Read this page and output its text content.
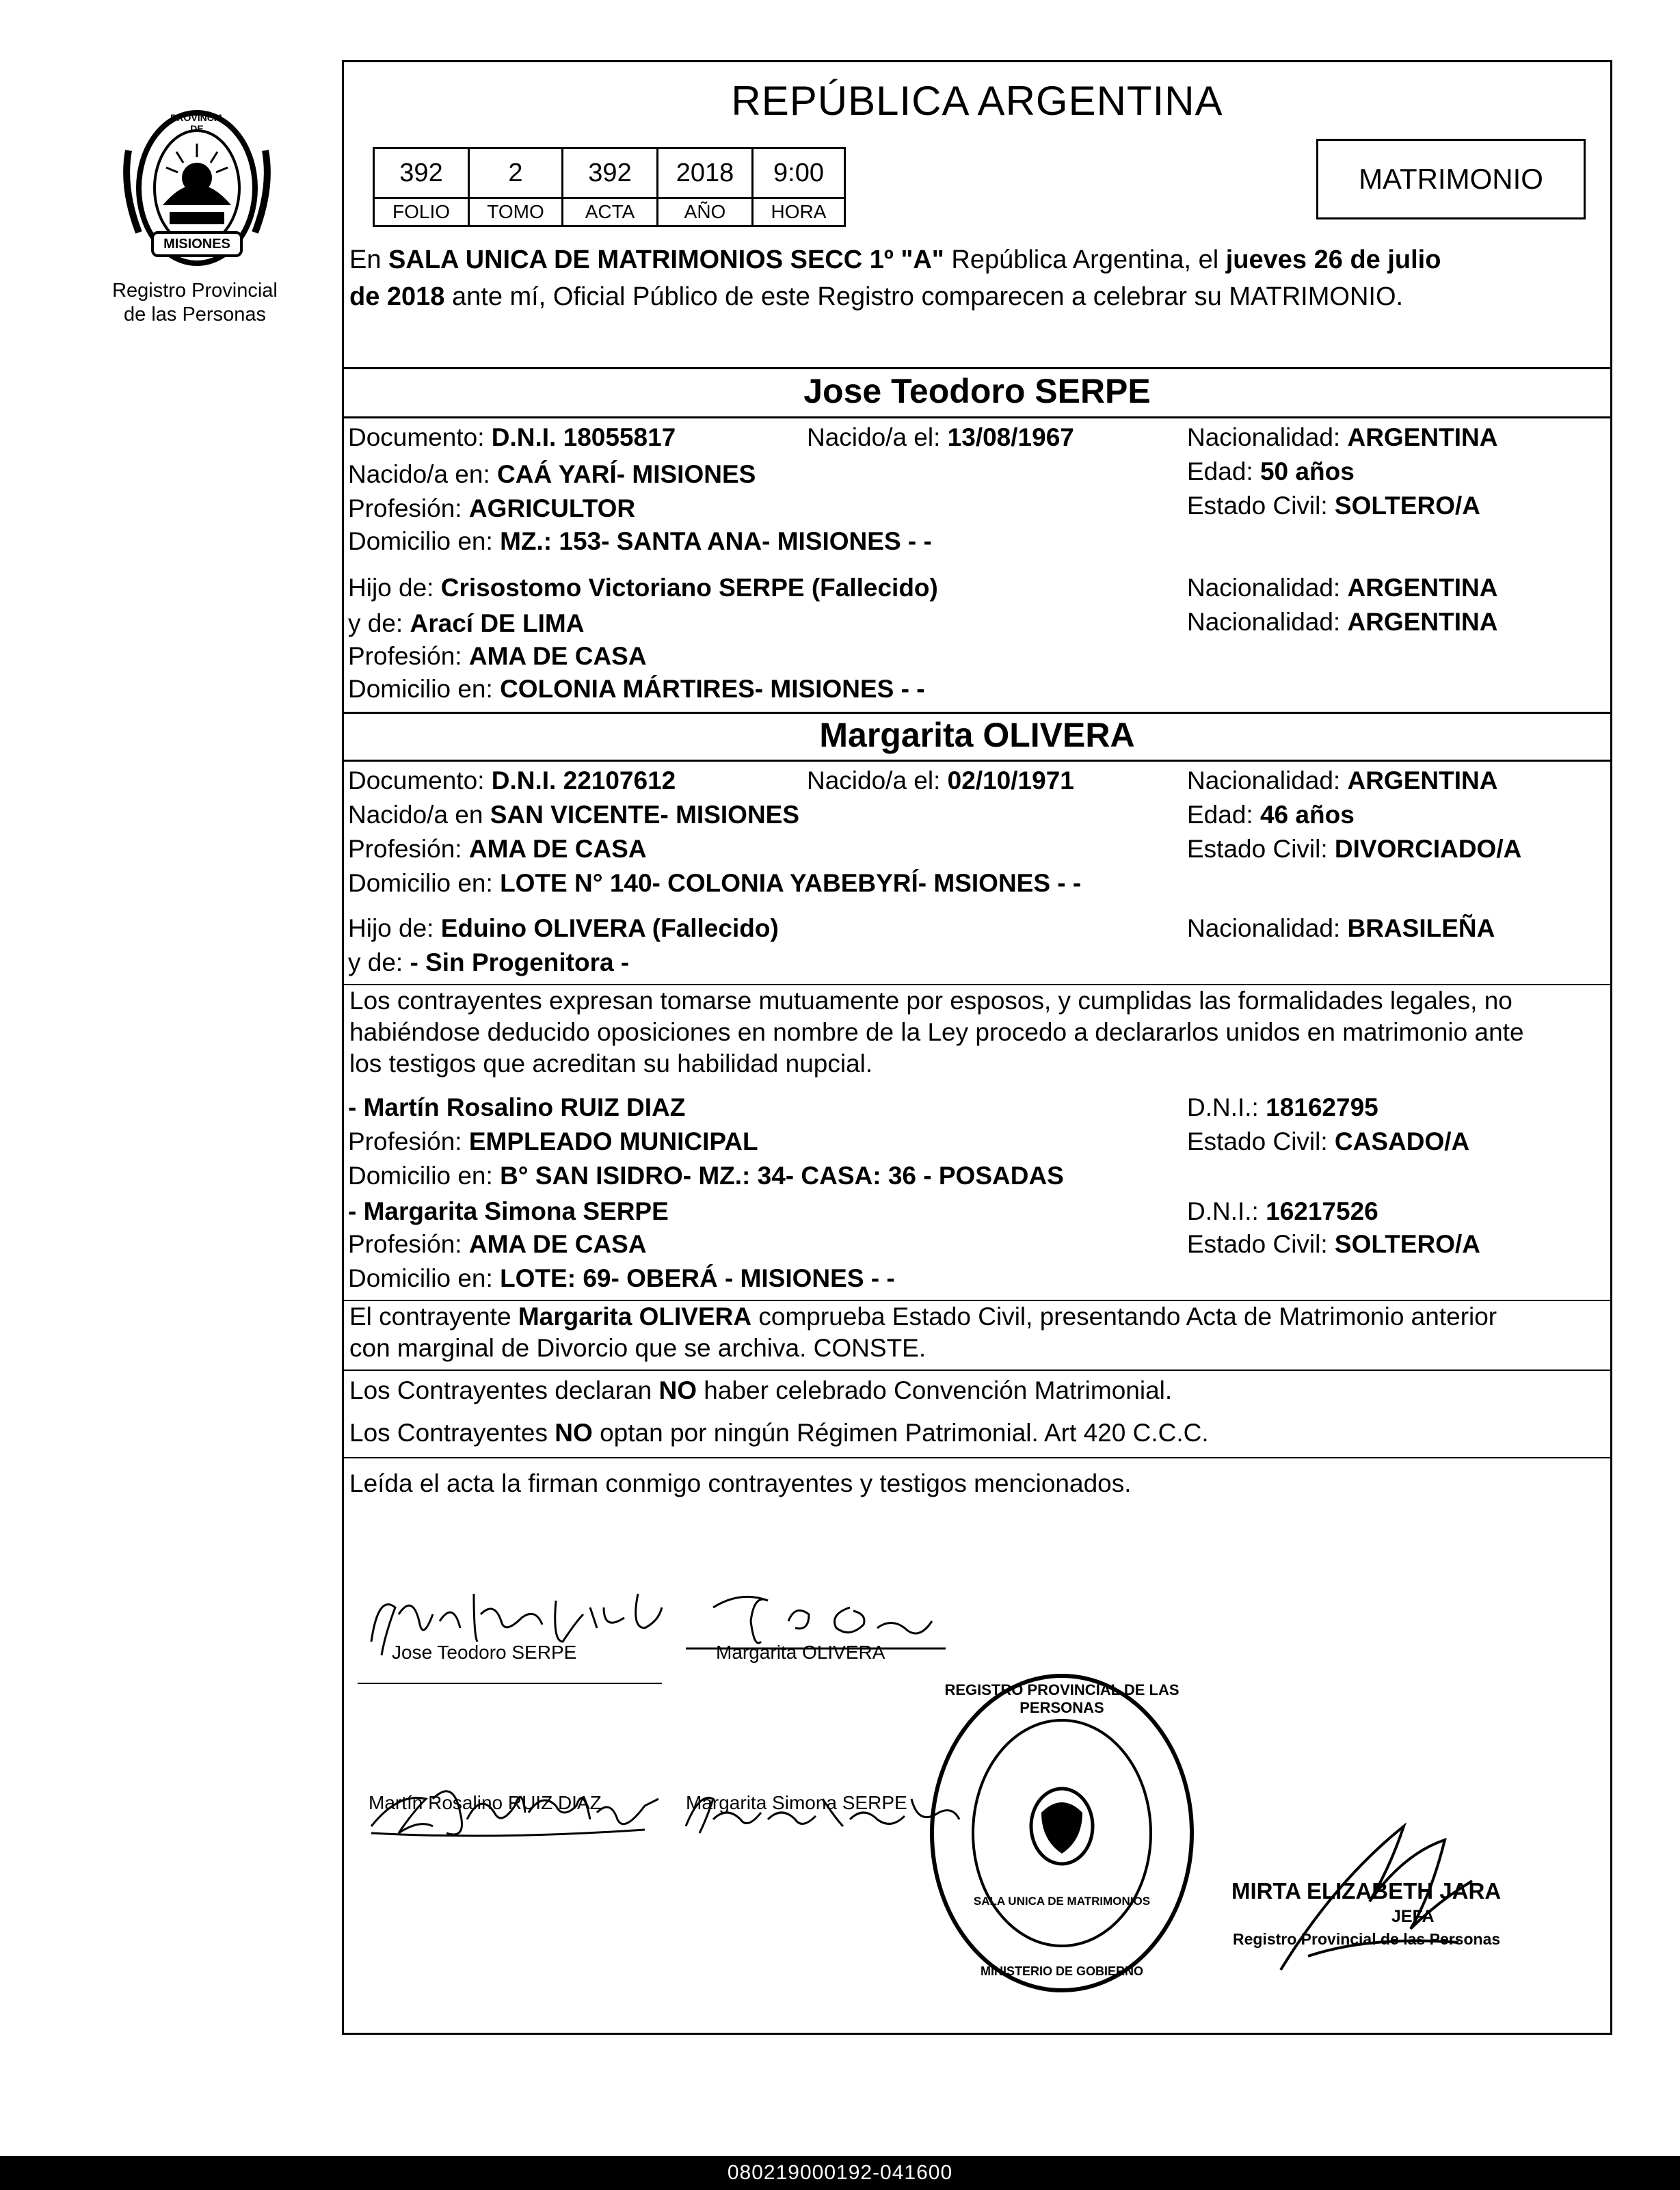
PROVINCIA DE
MISIONES
Registro Provincial
de las Personas
REPÚBLICA ARGENTINA
392	2	392	2018	9:00
FOLIO	TOMO	ACTA	AÑO	HORA
MATRIMONIO
En SALA UNICA DE MATRIMONIOS SECC 1º "A" República Argentina, el jueves 26 de julio
de 2018 ante mí, Oficial Público de este Registro comparecen a celebrar su MATRIMONIO.
Jose Teodoro SERPE
Documento: D.N.I. 18055817	Nacido/a el: 13/08/1967	Nacionalidad: ARGENTINA
Nacido/a en: CAÁ YARÍ- MISIONES	Edad: 50 años
Profesión: AGRICULTOR	Estado Civil: SOLTERO/A
Domicilio en: MZ.: 153- SANTA ANA- MISIONES - -
Hijo de: Crisostomo Victoriano SERPE (Fallecido)	Nacionalidad: ARGENTINA
y de: Arací DE LIMA	Nacionalidad: ARGENTINA
Profesión: AMA DE CASA
Domicilio en: COLONIA MÁRTIRES- MISIONES - -
Margarita OLIVERA
Documento: D.N.I. 22107612	Nacido/a el: 02/10/1971	Nacionalidad: ARGENTINA
Nacido/a en SAN VICENTE- MISIONES	Edad: 46 años
Profesión: AMA DE CASA	Estado Civil: DIVORCIADO/A
Domicilio en: LOTE N° 140- COLONIA YABEBYRÍ- MSIONES - -
Hijo de: Eduino OLIVERA (Fallecido)	Nacionalidad: BRASILEÑA
y de: - Sin Progenitora -
Los contrayentes expresan tomarse mutuamente por esposos, y cumplidas las formalidades legales, no
habiéndose deducido oposiciones en nombre de la Ley procedo a declararlos unidos en matrimonio ante
los testigos que acreditan su habilidad nupcial.
- Martín Rosalino RUIZ DIAZ	D.N.I.: 18162795
Profesión: EMPLEADO MUNICIPAL	Estado Civil: CASADO/A
Domicilio en: B° SAN ISIDRO- MZ.: 34- CASA: 36 - POSADAS
- Margarita Simona SERPE	D.N.I.: 16217526
Profesión: AMA DE CASA	Estado Civil: SOLTERO/A
Domicilio en: LOTE: 69- OBERÁ - MISIONES - -
El contrayente Margarita OLIVERA comprueba Estado Civil, presentando Acta de Matrimonio anterior
con marginal de Divorcio que se archiva. CONSTE.
Los Contrayentes declaran NO haber celebrado Convención Matrimonial.
Los Contrayentes NO optan por ningún Régimen Patrimonial. Art 420 C.C.C.
Leída el acta la firman conmigo contrayentes y testigos mencionados.
Jose Teodoro SERPE	Margarita OLIVERA
Martín Rosalino RUIZ DIAZ	Margarita Simona SERPE
REGISTRO PROVINCIAL DE LAS PERSONAS
SALA UNICA DE MATRIMONIOS
MINISTERIO DE GOBIERNO
MIRTA ELIZABETH JARA
JEFA
Registro Provincial de las Personas
080219000192-041600
